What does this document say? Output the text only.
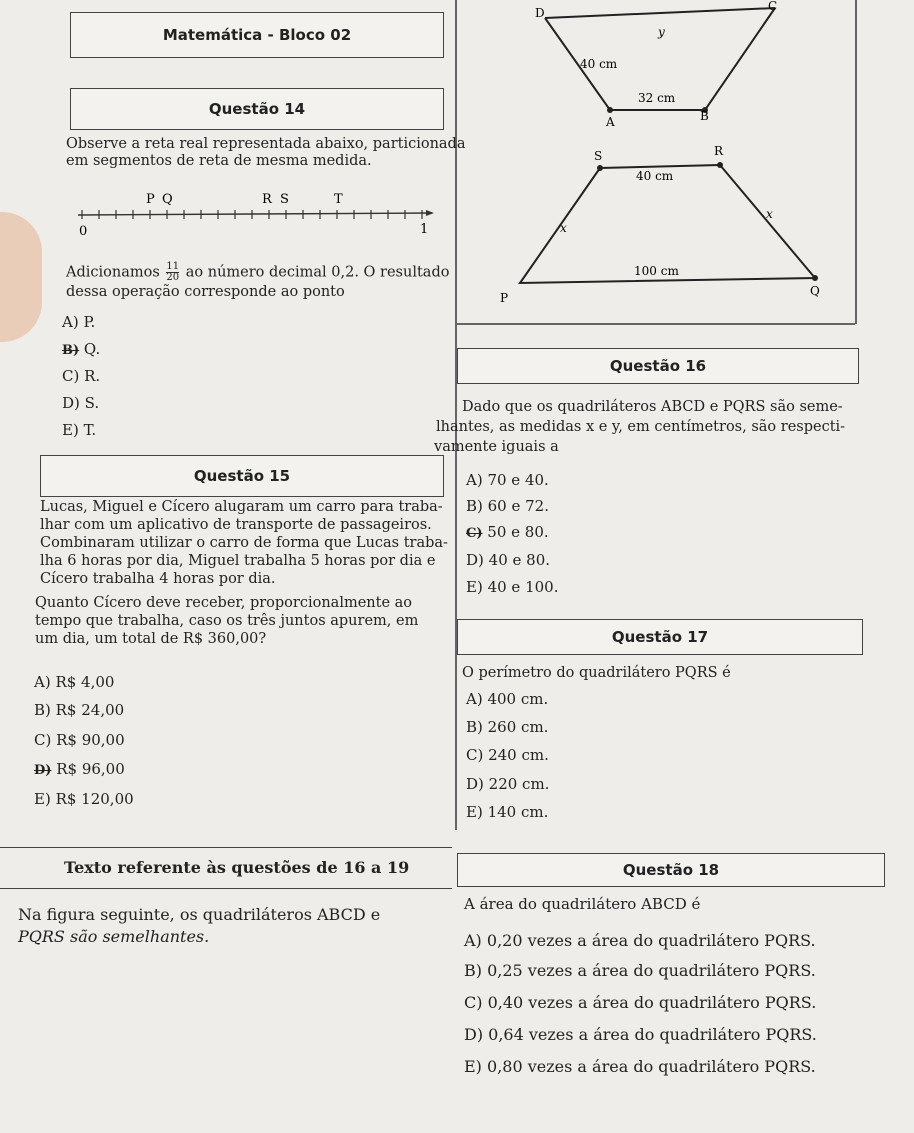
Matemática - Bloco 02
Questão 14
Observe a reta real representada abaixo, particionada
em segmentos de reta de mesma medida.
P Q	R S	T
0	1
Adicionamos $\frac{11}{20}$ ao número decimal 0,2. O resultado
dessa operação corresponde ao ponto
A) P.
B) Q.
C) R.
D) S.
E) T.
Questão 15
Lucas, Miguel e Cícero alugaram um carro para traba-
lhar com um aplicativo de transporte de passageiros.
Combinaram utilizar o carro de forma que Lucas traba-
lha 6 horas por dia, Miguel trabalha 5 horas por dia e
Cícero trabalha 4 horas por dia.
Quanto Cícero deve receber, proporcionalmente ao
tempo que trabalha, caso os três juntos apurem, em
um dia, um total de R$ 360,00?
A) R$ 4,00
B) R$ 24,00
C) R$ 90,00
D) R$ 96,00
E) R$ 120,00
Texto referente às questões de 16 a 19
Na figura seguinte, os quadriláteros ABCD e
PQRS são semelhantes.
D	C
A	B
y
40 cm
32 cm
S	R
P	Q
40 cm
x
x
100 cm
Questão 16
Dado que os quadriláteros ABCD e PQRS são seme-
lhantes, as medidas x e y, em centímetros, são respecti-
vamente iguais a
A) 70 e 40.
B) 60 e 72.
C) 50 e 80.
D) 40 e 80.
E) 40 e 100.
Questão 17
O perímetro do quadrilátero PQRS é
A) 400 cm.
B) 260 cm.
C) 240 cm.
D) 220 cm.
E) 140 cm.
Questão 18
A área do quadrilátero ABCD é
A) 0,20 vezes a área do quadrilátero PQRS.
B) 0,25 vezes a área do quadrilátero PQRS.
C) 0,40 vezes a área do quadrilátero PQRS.
D) 0,64 vezes a área do quadrilátero PQRS.
E) 0,80 vezes a área do quadrilátero PQRS.
